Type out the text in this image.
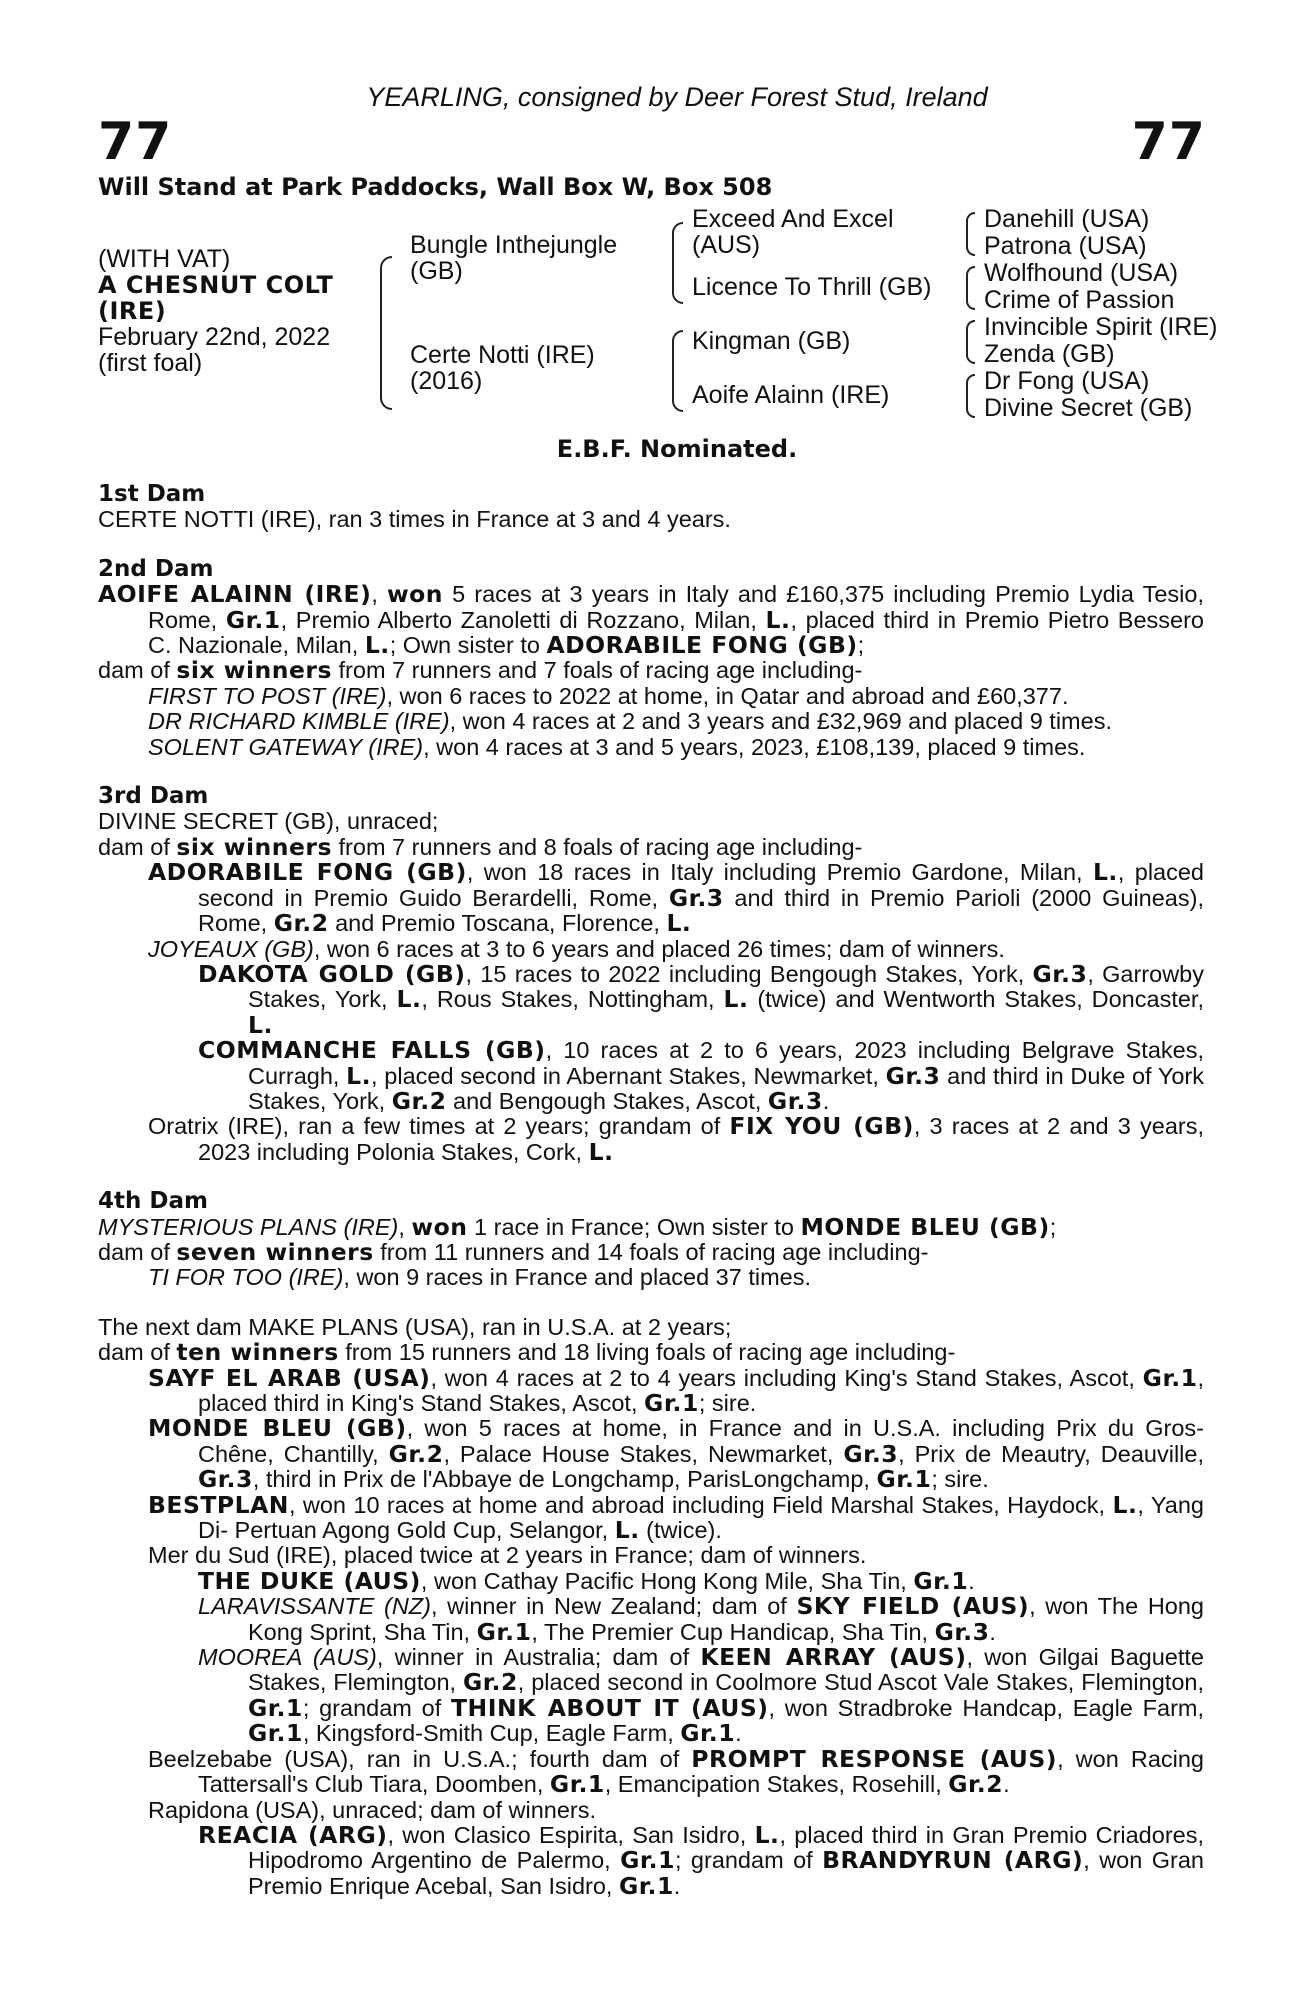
YEARLING, consigned by Deer Forest Stud, Ireland
77	77
Will Stand at Park Paddocks, Wall Box W, Box 508
(WITH VAT)
A CHESNUT COLT
(IRE)
February 22nd, 2022
(first foal)
Bungle Inthejungle
(GB)
Certe Notti (IRE)
(2016)
Exceed And Excel
(AUS)
Licence To Thrill (GB)
Kingman (GB)
Aoife Alainn (IRE)
Danehill (USA)
Patrona (USA)
Wolfhound (USA)
Crime of Passion
Invincible Spirit (IRE)
Zenda (GB)
Dr Fong (USA)
Divine Secret (GB)
E.B.F. Nominated.
1st Dam
CERTE NOTTI (IRE), ran 3 times in France at 3 and 4 years.
2nd Dam
AOIFE ALAINN (IRE), won 5 races at 3 years in Italy and £160,375 including Premio Lydia Tesio, Rome, Gr.1, Premio Alberto Zanoletti di Rozzano, Milan, L., placed third in Premio Pietro Bessero C. Nazionale, Milan, L.; Own sister to ADORABILE FONG (GB);
dam of six winners from 7 runners and 7 foals of racing age including-
FIRST TO POST (IRE), won 6 races to 2022 at home, in Qatar and abroad and £60,377.
DR RICHARD KIMBLE (IRE), won 4 races at 2 and 3 years and £32,969 and placed 9 times.
SOLENT GATEWAY (IRE), won 4 races at 3 and 5 years, 2023, £108,139, placed 9 times.
3rd Dam
DIVINE SECRET (GB), unraced;
dam of six winners from 7 runners and 8 foals of racing age including-
ADORABILE FONG (GB), won 18 races in Italy including Premio Gardone, Milan, L., placed second in Premio Guido Berardelli, Rome, Gr.3 and third in Premio Parioli (2000 Guineas), Rome, Gr.2 and Premio Toscana, Florence, L.
JOYEAUX (GB), won 6 races at 3 to 6 years and placed 26 times; dam of winners.
DAKOTA GOLD (GB), 15 races to 2022 including Bengough Stakes, York, Gr.3, Garrowby Stakes, York, L., Rous Stakes, Nottingham, L. (twice) and Wentworth Stakes, Doncaster, L.
COMMANCHE FALLS (GB), 10 races at 2 to 6 years, 2023 including Belgrave Stakes, Curragh, L., placed second in Abernant Stakes, Newmarket, Gr.3 and third in Duke of York Stakes, York, Gr.2 and Bengough Stakes, Ascot, Gr.3.
Oratrix (IRE), ran a few times at 2 years; grandam of FIX YOU (GB), 3 races at 2 and 3 years, 2023 including Polonia Stakes, Cork, L.
4th Dam
MYSTERIOUS PLANS (IRE), won 1 race in France; Own sister to MONDE BLEU (GB);
dam of seven winners from 11 runners and 14 foals of racing age including-
TI FOR TOO (IRE), won 9 races in France and placed 37 times.
The next dam MAKE PLANS (USA), ran in U.S.A. at 2 years;
dam of ten winners from 15 runners and 18 living foals of racing age including-
SAYF EL ARAB (USA), won 4 races at 2 to 4 years including King's Stand Stakes, Ascot, Gr.1, placed third in King's Stand Stakes, Ascot, Gr.1; sire.
MONDE BLEU (GB), won 5 races at home, in France and in U.S.A. including Prix du Gros-Chêne, Chantilly, Gr.2, Palace House Stakes, Newmarket, Gr.3, Prix de Meautry, Deauville, Gr.3, third in Prix de l'Abbaye de Longchamp, ParisLongchamp, Gr.1; sire.
BESTPLAN, won 10 races at home and abroad including Field Marshal Stakes, Haydock, L., Yang Di- Pertuan Agong Gold Cup, Selangor, L. (twice).
Mer du Sud (IRE), placed twice at 2 years in France; dam of winners.
THE DUKE (AUS), won Cathay Pacific Hong Kong Mile, Sha Tin, Gr.1.
LARAVISSANTE (NZ), winner in New Zealand; dam of SKY FIELD (AUS), won The Hong Kong Sprint, Sha Tin, Gr.1, The Premier Cup Handicap, Sha Tin, Gr.3.
MOOREA (AUS), winner in Australia; dam of KEEN ARRAY (AUS), won Gilgai Baguette Stakes, Flemington, Gr.2, placed second in Coolmore Stud Ascot Vale Stakes, Flemington, Gr.1; grandam of THINK ABOUT IT (AUS), won Stradbroke Handcap, Eagle Farm, Gr.1, Kingsford-Smith Cup, Eagle Farm, Gr.1.
Beelzebabe (USA), ran in U.S.A.; fourth dam of PROMPT RESPONSE (AUS), won Racing Tattersall's Club Tiara, Doomben, Gr.1, Emancipation Stakes, Rosehill, Gr.2.
Rapidona (USA), unraced; dam of winners.
REACIA (ARG), won Clasico Espirita, San Isidro, L., placed third in Gran Premio Criadores, Hipodromo Argentino de Palermo, Gr.1; grandam of BRANDYRUN (ARG), won Gran Premio Enrique Acebal, San Isidro, Gr.1.
